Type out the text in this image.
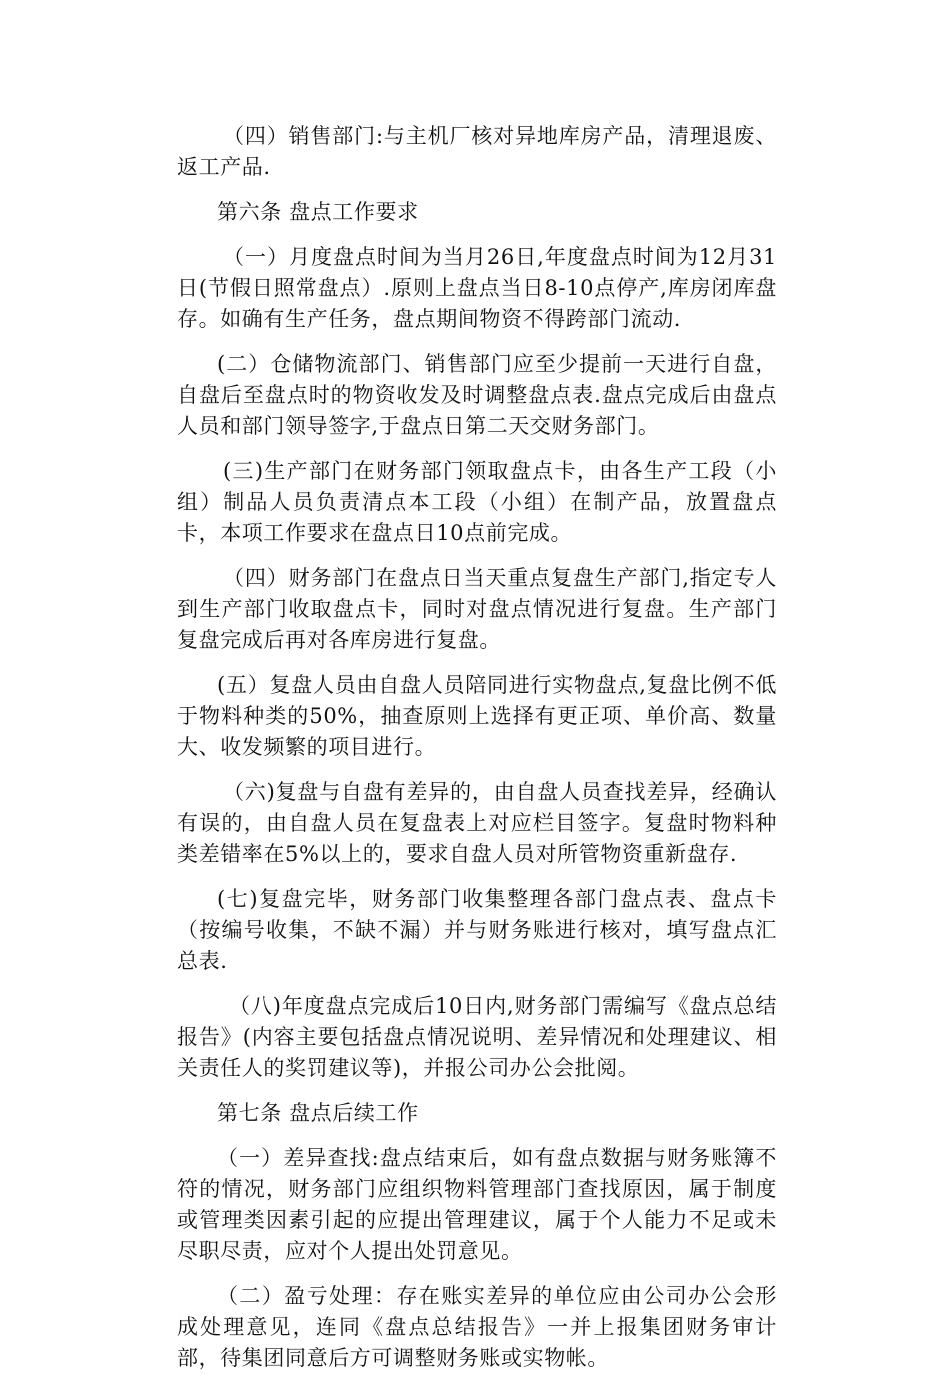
（四）销售部门:与主机厂核对异地库房产品，清理退废、返工产品.

第六条 盘点工作要求

（一）月度盘点时间为当月26日,年度盘点时间为12月31日(节假日照常盘点）.原则上盘点当日8-10点停产,库房闭库盘存。如确有生产任务，盘点期间物资不得跨部门流动.

(二）仓储物流部门、销售部门应至少提前一天进行自盘，自盘后至盘点时的物资收发及时调整盘点表.盘点完成后由盘点人员和部门领导签字,于盘点日第二天交财务部门。

(三)生产部门在财务部门领取盘点卡，由各生产工段（小组）制品人员负责清点本工段（小组）在制产品，放置盘点卡，本项工作要求在盘点日10点前完成。

（四）财务部门在盘点日当天重点复盘生产部门,指定专人到生产部门收取盘点卡，同时对盘点情况进行复盘。生产部门复盘完成后再对各库房进行复盘。

(五）复盘人员由自盘人员陪同进行实物盘点,复盘比例不低于物料种类的50%，抽查原则上选择有更正项、单价高、数量大、收发频繁的项目进行。

（六)复盘与自盘有差异的，由自盘人员查找差异，经确认有误的，由自盘人员在复盘表上对应栏目签字。复盘时物料种类差错率在5%以上的，要求自盘人员对所管物资重新盘存.

(七)复盘完毕，财务部门收集整理各部门盘点表、盘点卡（按编号收集，不缺不漏）并与财务账进行核对，填写盘点汇总表.

（八)年度盘点完成后10日内,财务部门需编写《盘点总结报告》(内容主要包括盘点情况说明、差异情况和处理建议、相关责任人的奖罚建议等)，并报公司办公会批阅。

第七条 盘点后续工作

（一）差异查找:盘点结束后，如有盘点数据与财务账簿不符的情况，财务部门应组织物料管理部门查找原因，属于制度或管理类因素引起的应提出管理建议，属于个人能力不足或未尽职尽责，应对个人提出处罚意见。

（二）盈亏处理：存在账实差异的单位应由公司办公会形成处理意见，连同《盘点总结报告》一并上报集团财务审计部，待集团同意后方可调整财务账或实物帐。
